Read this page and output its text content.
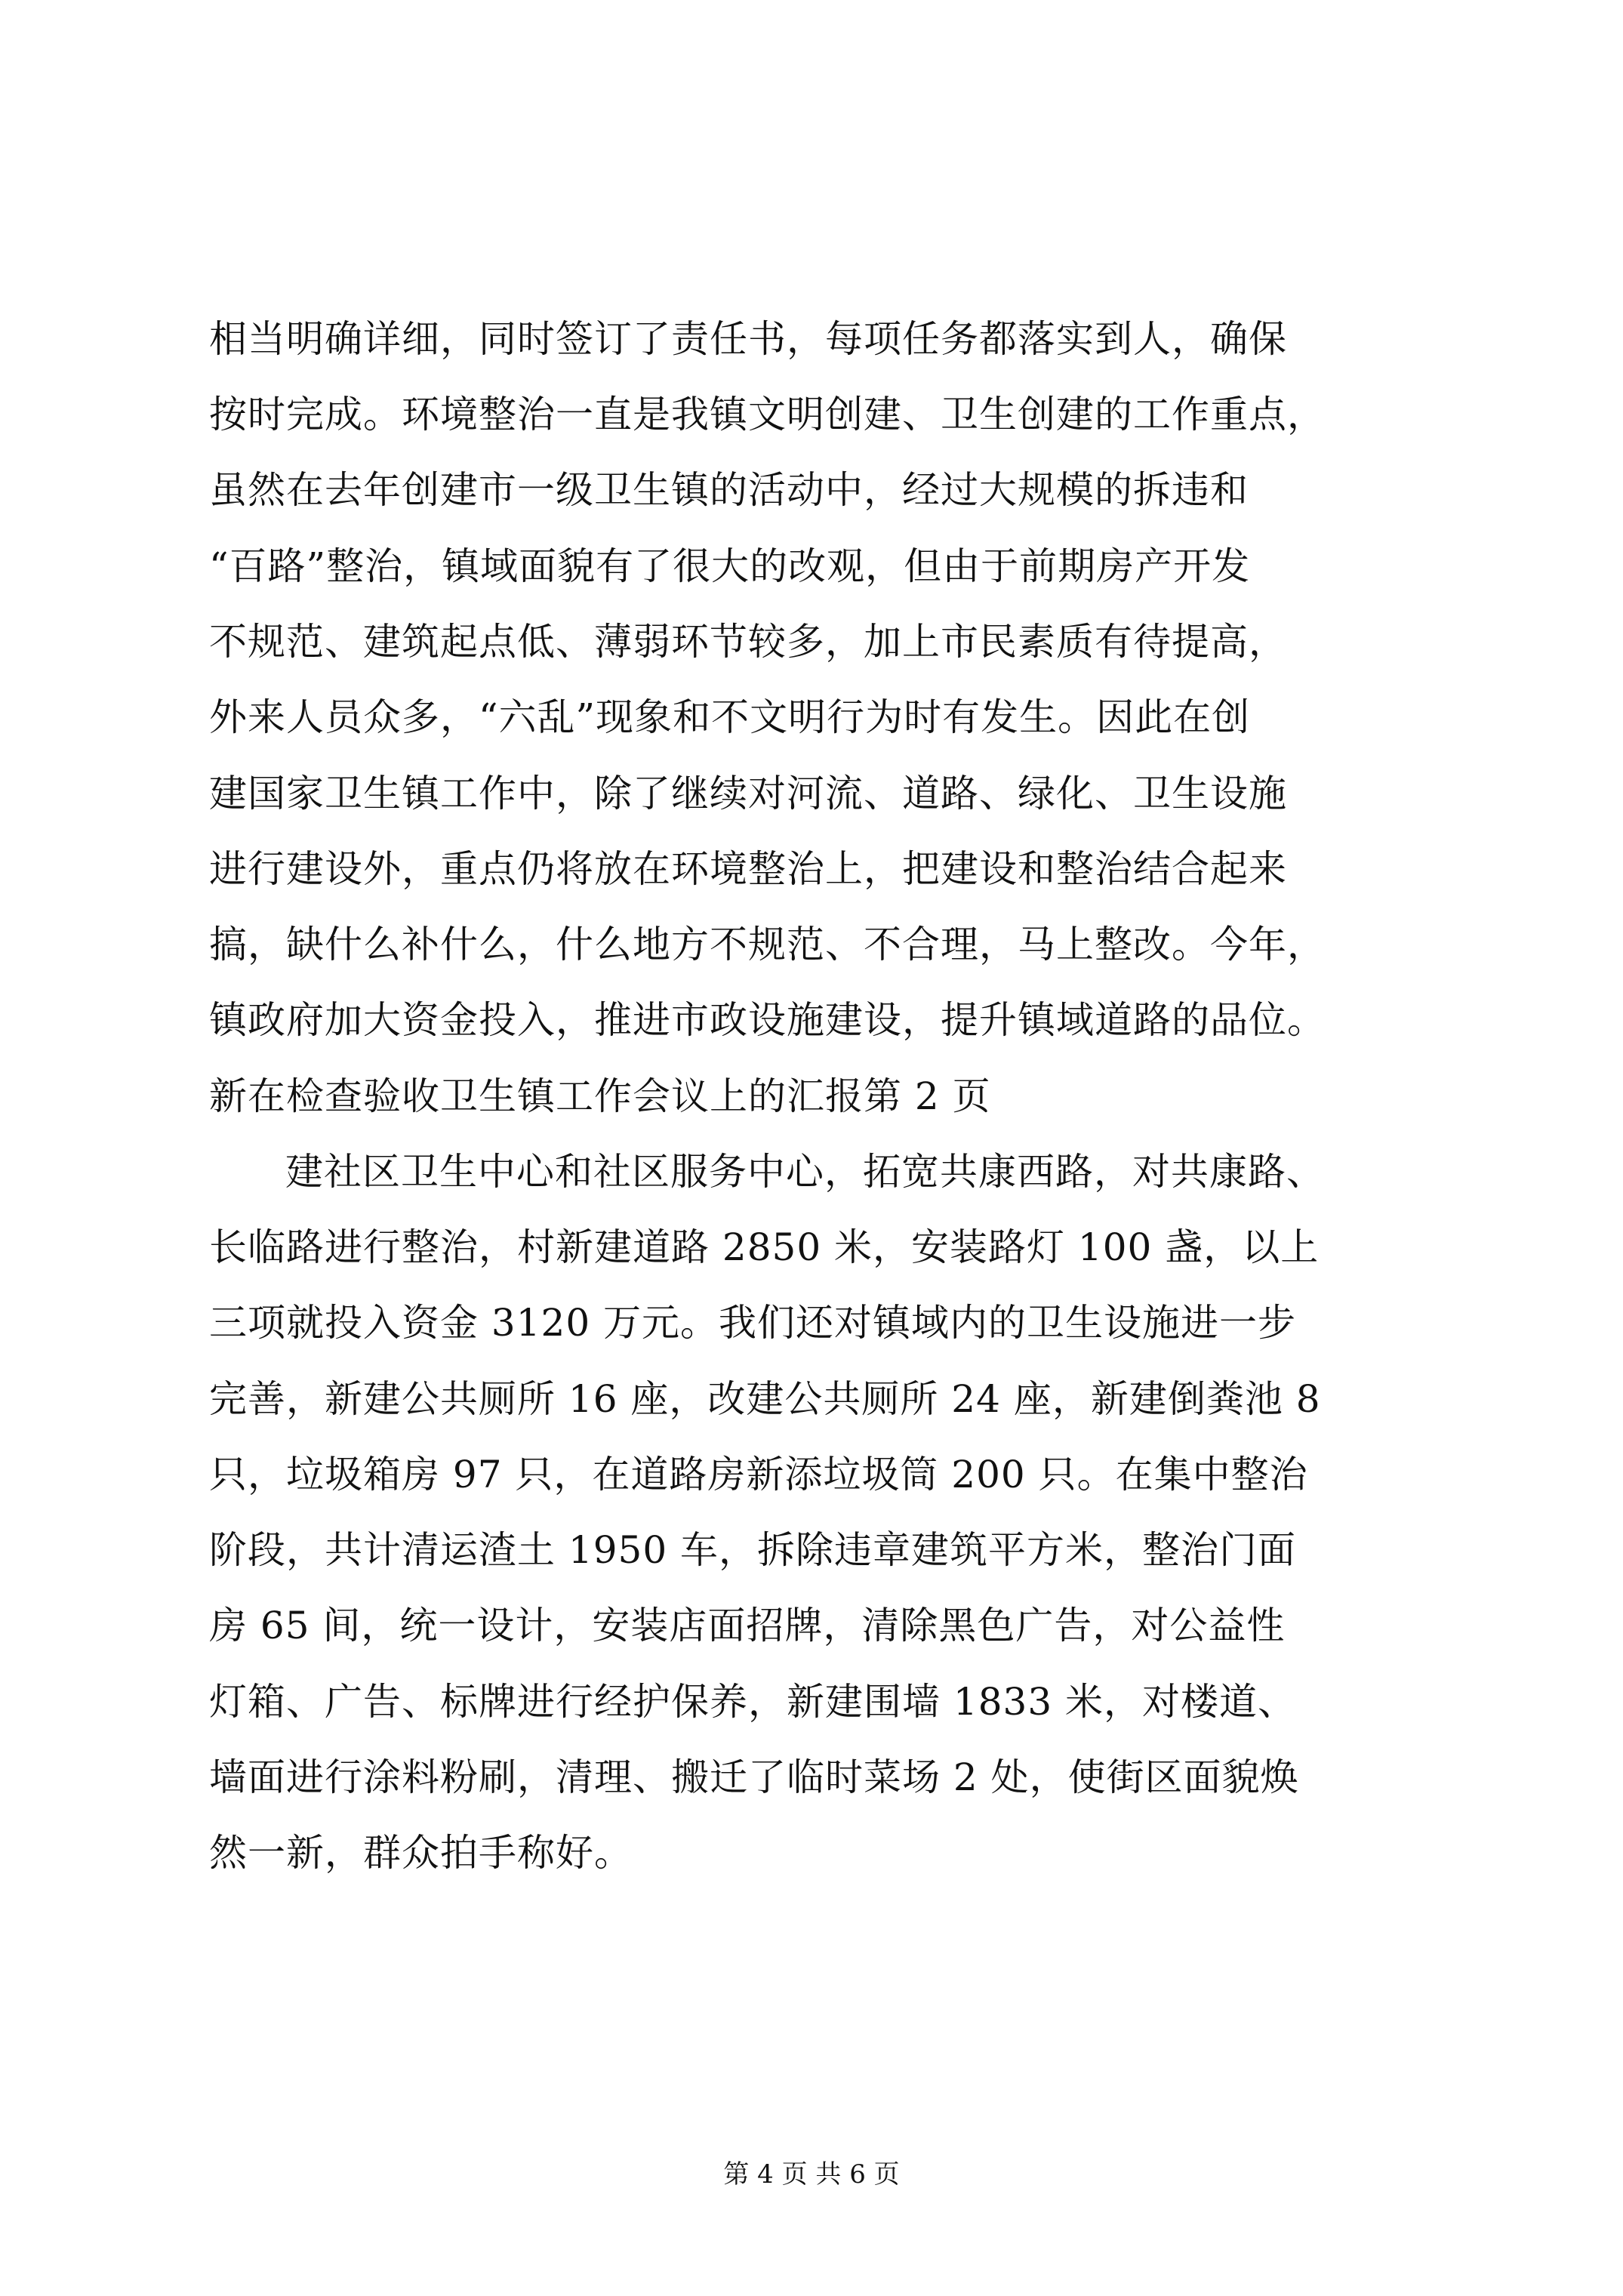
相当明确详细，同时签订了责任书，每项任务都落实到人，确保
按时完成。环境整治一直是我镇文明创建、卫生创建的工作重点，
虽然在去年创建市一级卫生镇的活动中，经过大规模的拆违和
“百路”整治，镇域面貌有了很大的改观，但由于前期房产开发
不规范、建筑起点低、薄弱环节较多，加上市民素质有待提高，
外来人员众多，“六乱”现象和不文明行为时有发生。因此在创
建国家卫生镇工作中，除了继续对河流、道路、绿化、卫生设施
进行建设外，重点仍将放在环境整治上，把建设和整治结合起来
搞，缺什么补什么，什么地方不规范、不合理，马上整改。今年，
镇政府加大资金投入，推进市政设施建设，提升镇域道路的品位。
新在检查验收卫生镇工作会议上的汇报第 2 页
建社区卫生中心和社区服务中心，拓宽共康西路，对共康路、
长临路进行整治，村新建道路 2850 米，安装路灯 100 盏，以上
三项就投入资金 3120 万元。我们还对镇域内的卫生设施进一步
完善，新建公共厕所 16 座，改建公共厕所 24 座，新建倒粪池 8
只，垃圾箱房 97 只，在道路房新添垃圾筒 200 只。在集中整治
阶段，共计清运渣土 1950 车，拆除违章建筑平方米，整治门面
房 65 间，统一设计，安装店面招牌，清除黑色广告，对公益性
灯箱、广告、标牌进行经护保养，新建围墙 1833 米，对楼道、
墙面进行涂料粉刷，清理、搬迁了临时菜场 2 处，使街区面貌焕
然一新，群众拍手称好。
第 4 页 共 6 页
